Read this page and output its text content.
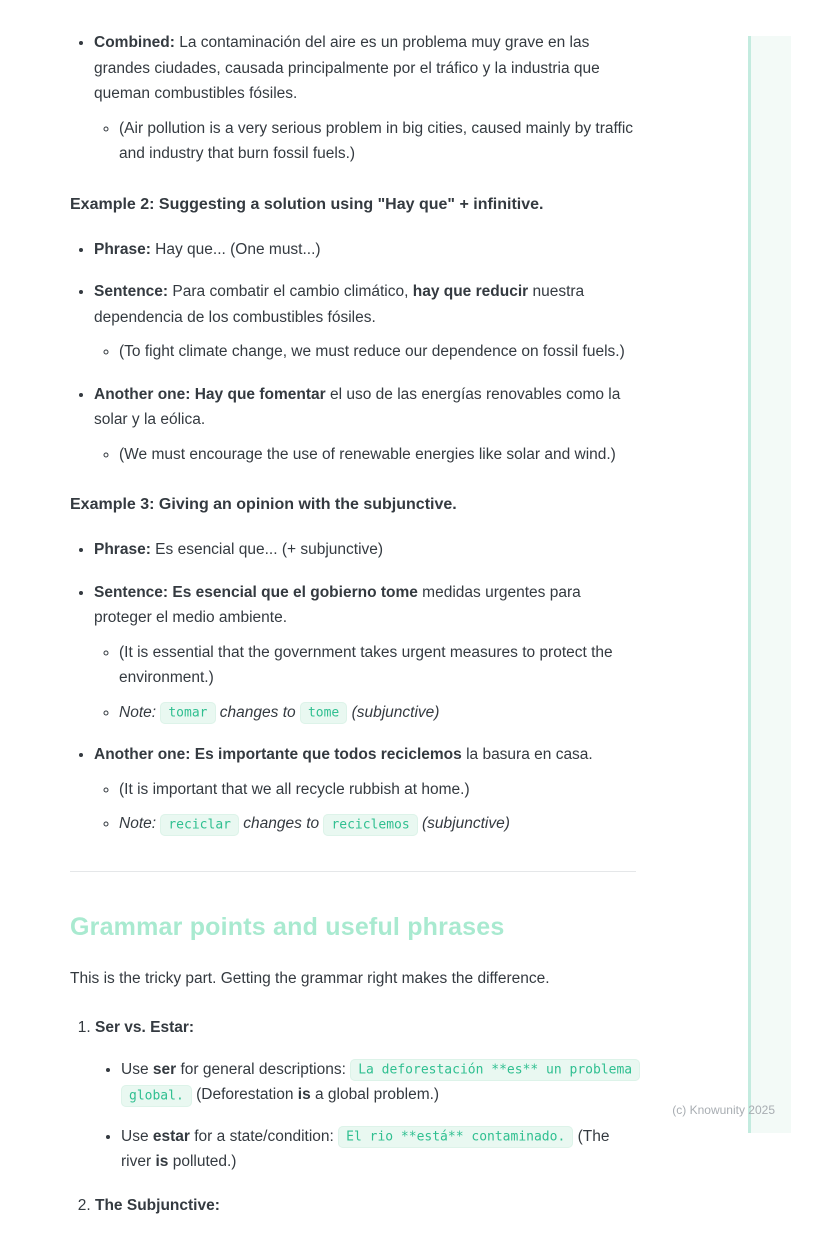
• Combined: La contaminación del aire es un problema muy grave en las grandes ciudades, causada principalmente por el tráfico y la industria que queman combustibles fósiles.
◦ (Air pollution is a very serious problem in big cities, caused mainly by traffic and industry that burn fossil fuels.)
Example 2: Suggesting a solution using "Hay que" + infinitive.
• Phrase: Hay que... (One must...)
• Sentence: Para combatir el cambio climático, hay que reducir nuestra dependencia de los combustibles fósiles.
◦ (To fight climate change, we must reduce our dependence on fossil fuels.)
• Another one: Hay que fomentar el uso de las energías renovables como la solar y la eólica.
◦ (We must encourage the use of renewable energies like solar and wind.)
Example 3: Giving an opinion with the subjunctive.
• Phrase: Es esencial que... (+ subjunctive)
• Sentence: Es esencial que el gobierno tome medidas urgentes para proteger el medio ambiente.
◦ (It is essential that the government takes urgent measures to protect the environment.)
◦ Note: tomar changes to tome (subjunctive)
• Another one: Es importante que todos reciclemos la basura en casa.
◦ (It is important that we all recycle rubbish at home.)
◦ Note: reciclar changes to reciclemos (subjunctive)
Grammar points and useful phrases

This is the tricky part. Getting the grammar right makes the difference.

1. Ser vs. Estar:
• Use ser for general descriptions: La deforestación **es** un problema global. (Deforestation is a global problem.)
• Use estar for a state/condition: El rio **está** contaminado. (The river is polluted.)
2. The Subjunctive:
(c) Knowunity 2025
